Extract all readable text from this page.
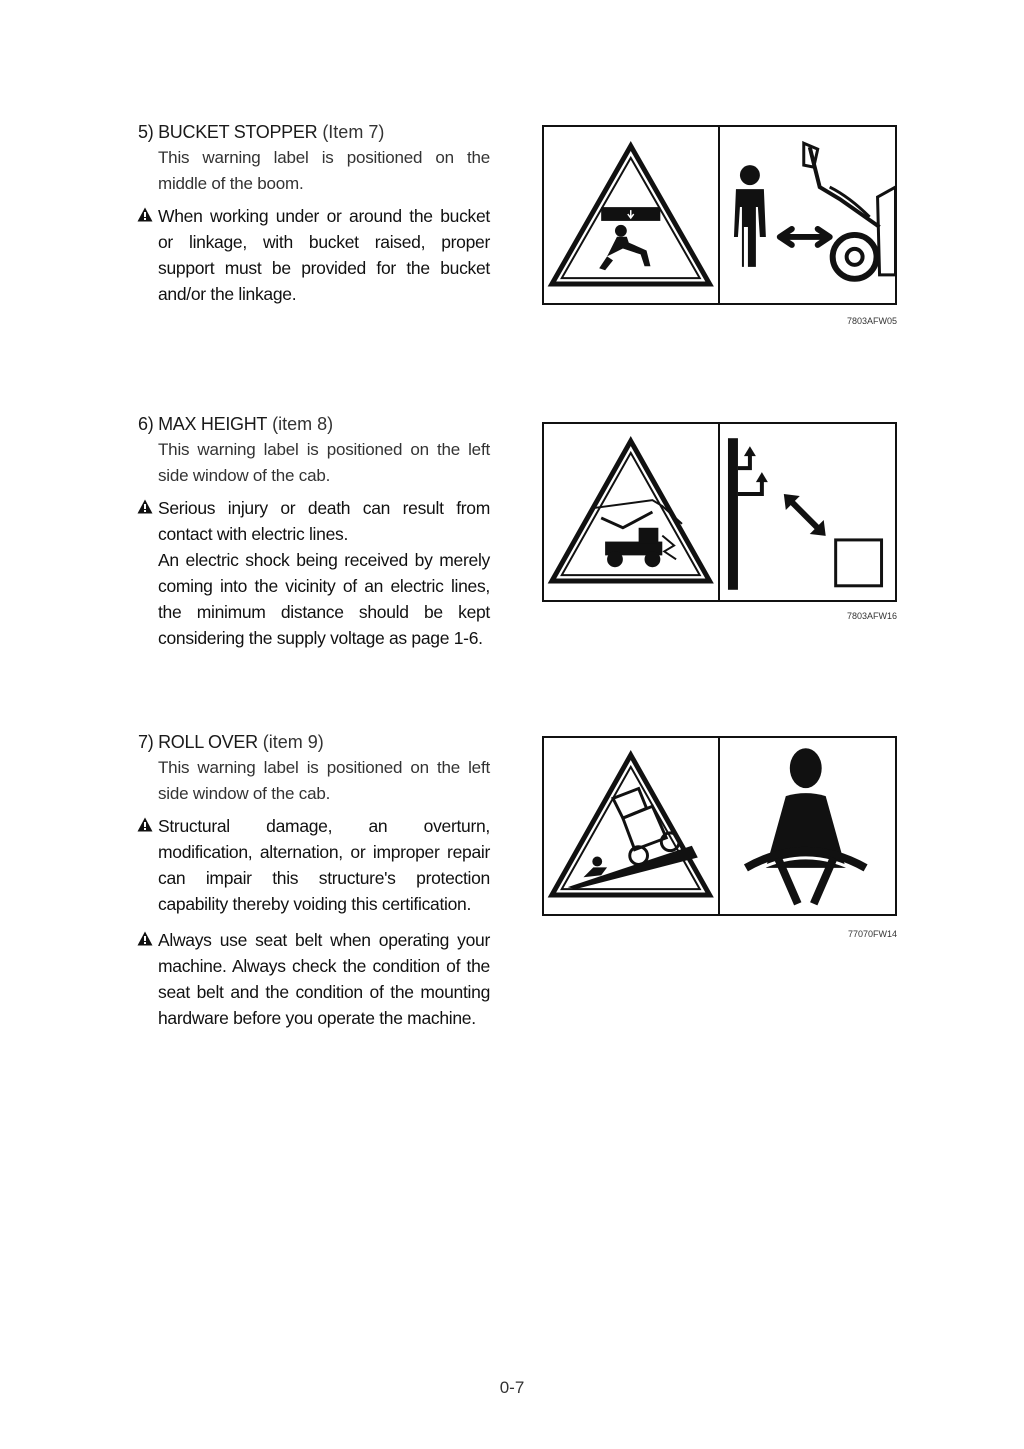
5) BUCKET STOPPER (Item 7)

This warning label is positioned on the middle of the boom.

When working under or around the bucket or linkage, with bucket raised, proper support must be provided for the bucket and/or the linkage.

7803AFW05

6) MAX HEIGHT (item 8)

This warning label is positioned on the left side window of the cab.

Serious injury or death can result from contact with electric lines.

An electric shock being received by merely coming into the vicinity of an electric lines, the minimum distance should be kept considering the supply voltage as page 1-6.

7803AFW16

7) ROLL OVER (item 9)

This warning label is positioned on the left side window of the cab.

Structural damage, an overturn, modification, alternation, or improper repair can impair this structure's protection capability thereby voiding this certification.

Always use seat belt when operating your machine. Always check the condition of the seat belt and the condition of the mounting hardware before you operate the machine.

77070FW14
0-7
